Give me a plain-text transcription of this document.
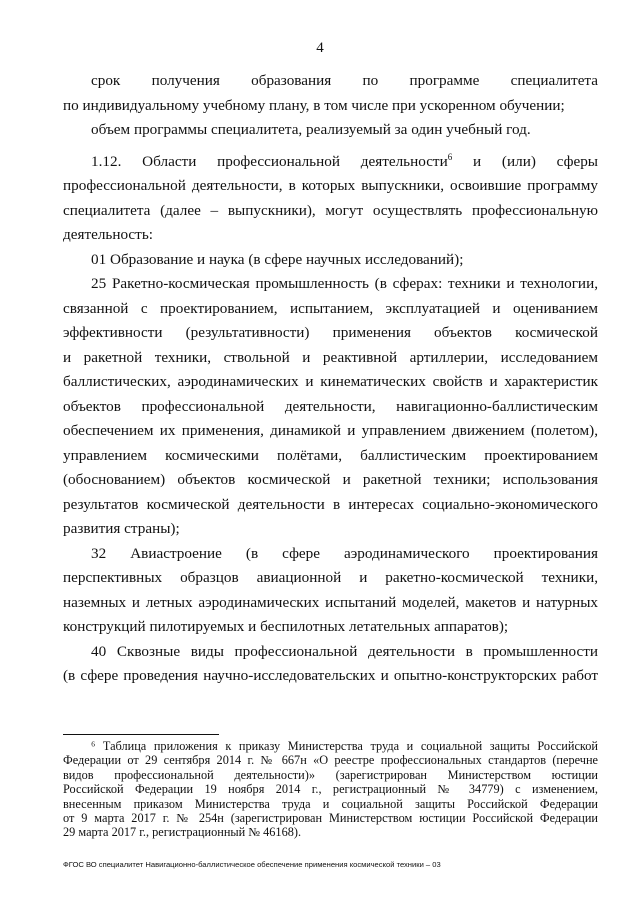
4
срок получения образования по программе специалитета
по индивидуальному учебному плану, в том числе при ускоренном обучении;
объем программы специалитета, реализуемый за один учебный год.
1.12. Области профессиональной деятельности$^6$ и (или) сферы
профессиональной деятельности, в которых выпускники, освоившие программу
специалитета (далее – выпускники), могут осуществлять профессиональную
деятельность:
01 Образование и наука (в сфере научных исследований);
25 Ракетно-космическая промышленность (в сферах: техники и технологии,
связанной с проектированием, испытанием, эксплуатацией и оцениванием
эффективности (результативности) применения объектов космической
и ракетной техники, ствольной и реактивной артиллерии, исследованием
баллистических, аэродинамических и кинематических свойств и характеристик
объектов профессиональной деятельности, навигационно-баллистическим
обеспечением их применения, динамикой и управлением движением (полетом),
управлением космическими полётами, баллистическим проектированием
(обоснованием) объектов космической и ракетной техники; использования
результатов космической деятельности в интересах социально-экономического
развития страны);
32 Авиастроение (в сфере аэродинамического проектирования
перспективных образцов авиационной и ракетно-космической техники,
наземных и летных аэродинамических испытаний моделей, макетов и натурных
конструкций пилотируемых и беспилотных летательных аппаратов);
40 Сквозные виды профессиональной деятельности в промышленности
(в сфере проведения научно-исследовательских и опытно-конструкторских работ
⁶ Таблица приложения к приказу Министерства труда и социальной защиты Российской
Федерации от 29 сентября 2014 г. № 667н «О реестре профессиональных стандартов (перечне
видов профессиональной деятельности)» (зарегистрирован Министерством юстиции
Российской Федерации 19 ноября 2014 г., регистрационный № 34779) с изменением,
внесенным приказом Министерства труда и социальной защиты Российской Федерации
от 9 марта 2017 г. № 254н (зарегистрирован Министерством юстиции Российской Федерации
29 марта 2017 г., регистрационный № 46168).
ФГОС ВО специалитет Навигационно-баллистическое обеспечение применения космической техники – 03
